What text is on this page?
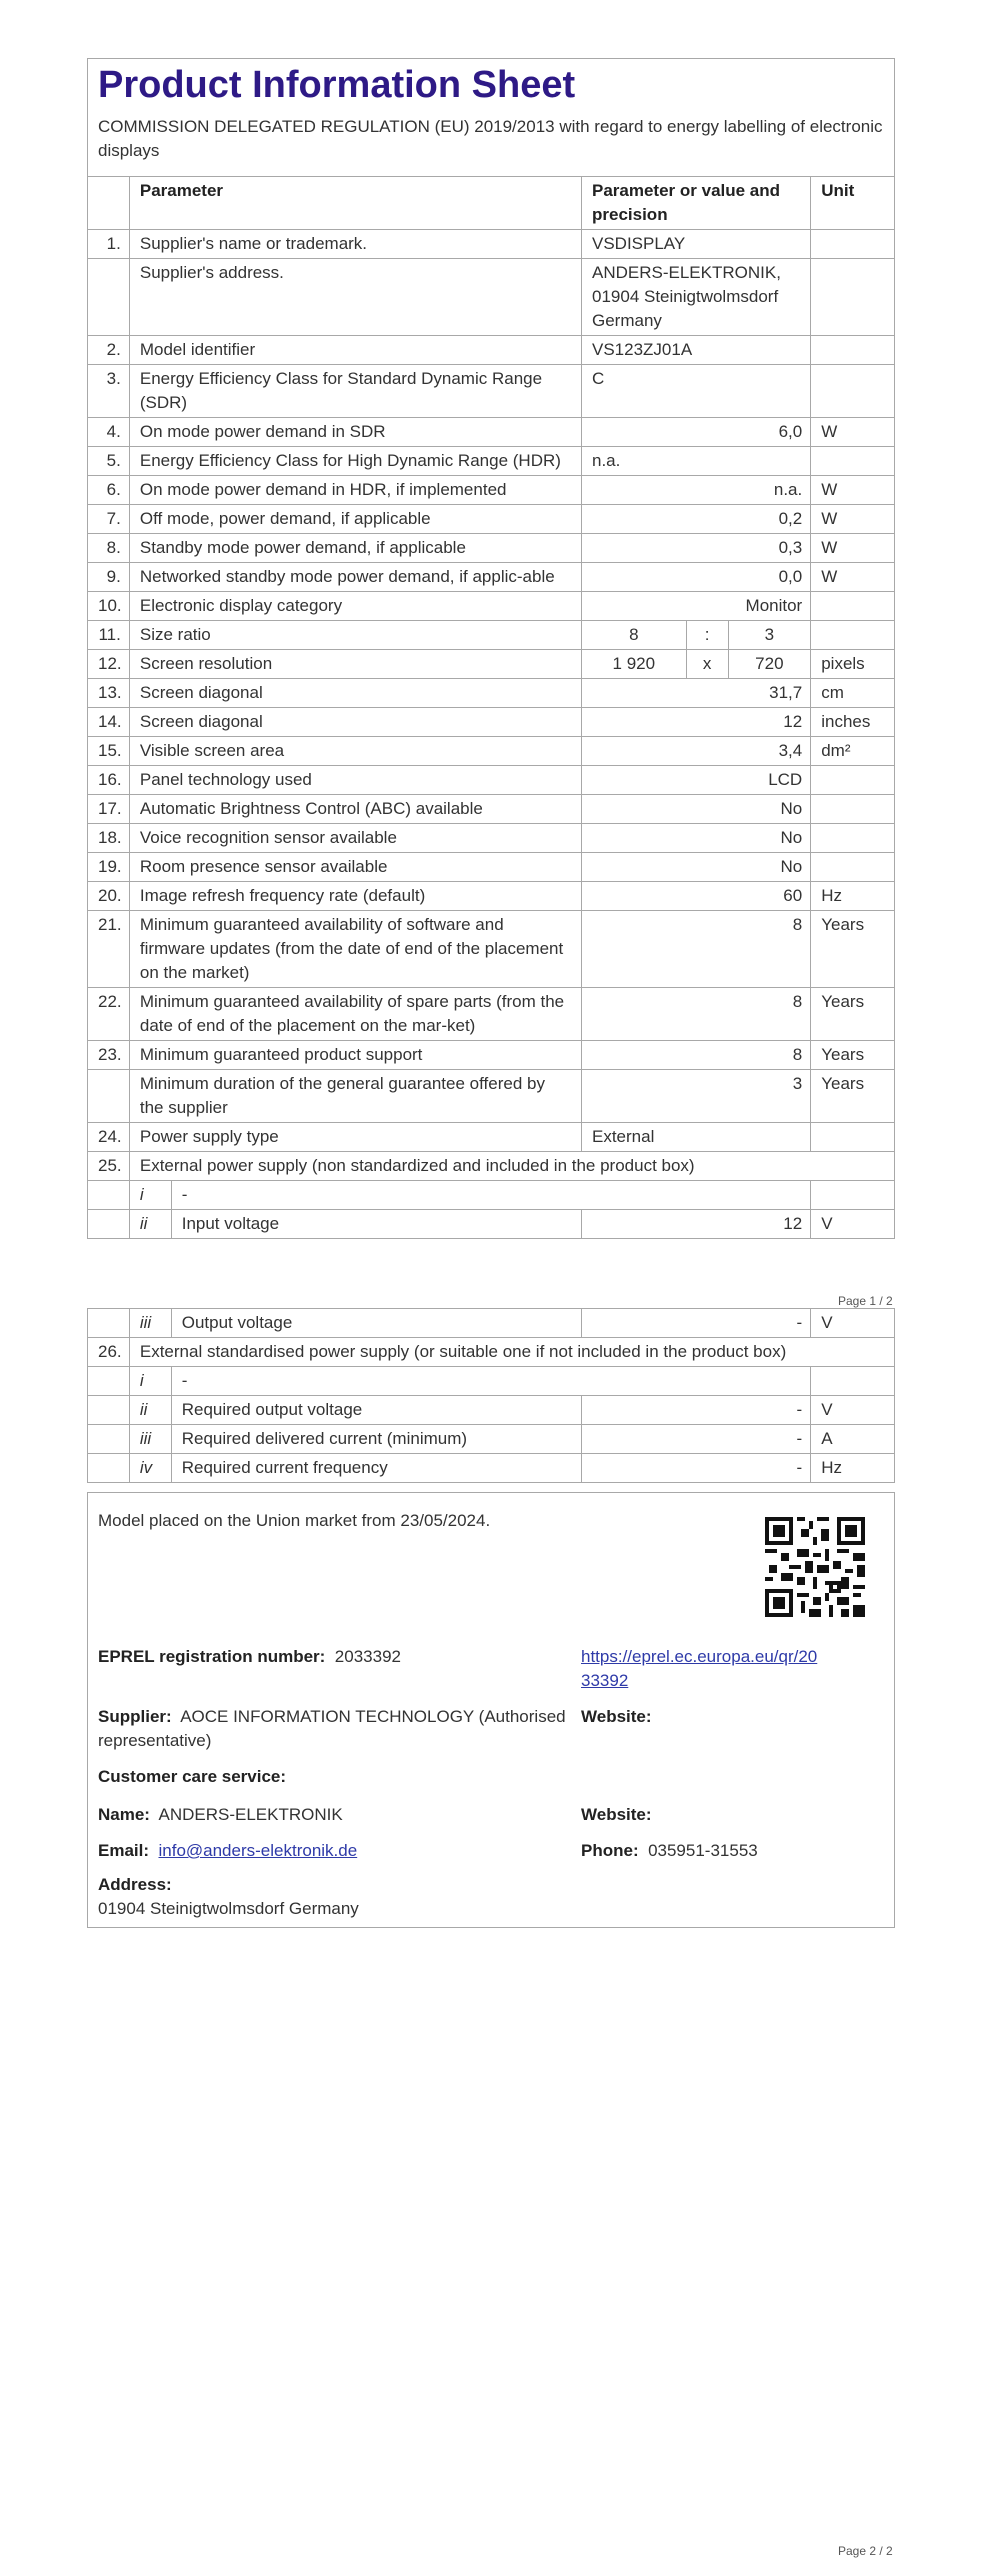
Product Information Sheet
COMMISSION DELEGATED REGULATION (EU) 2019/2013 with regard to energy labelling of electronic displays
	Parameter		Parameter or value and precision			Unit
1.	Supplier's name or trademark.		VSDISPLAY			
	Supplier's address.		ANDERS-ELEKTRONIK, 01904 Steinigtwolmsdorf Germany			
2.	Model identifier		VS123ZJ01A			
3.	Energy Efficiency Class for Standard Dynamic Range (SDR)		C			
4.	On mode power demand in SDR		6,0			W
5.	Energy Efficiency Class for High Dynamic Range (HDR)		n.a.			
6.	On mode power demand in HDR, if implemented		n.a.			W
7.	Off mode, power demand, if applicable		0,2			W
8.	Standby mode power demand, if applicable		0,3			W
9.	Networked standby mode power demand, if applic-able		0,0			W
10.	Electronic display category		Monitor			
11.	Size ratio		8	:	3	
12.	Screen resolution		1 920	x	720	pixels
13.	Screen diagonal		31,7			cm
14.	Screen diagonal		12			inches
15.	Visible screen area		3,4			dm²
16.	Panel technology used		LCD			
17.	Automatic Brightness Control (ABC) available		No			
18.	Voice recognition sensor available		No			
19.	Room presence sensor available		No			
20.	Image refresh frequency rate (default)		60			Hz
21.	Minimum guaranteed availability of software and firmware updates (from the date of end of the placement on the market)		8			Years
22.	Minimum guaranteed availability of spare parts (from the date of end of the placement on the mar-ket)		8			Years
23.	Minimum guaranteed product support		8			Years
	Minimum duration of the general guarantee offered by the supplier		3			Years
24.	Power supply type		External			
25.	External power supply (non standardized and included in the product box)					
	i	-				
	ii	Input voltage	12			V
Page 1 / 2
	iii	Output voltage	-	V
26.	External standardised power supply (or suitable one if not included in the product box)			
	i	-		
	ii	Required output voltage	-	V
	iii	Required delivered current (minimum)	-	A
	iv	Required current frequency	-	Hz
Model placed on the Union market from 23/05/2024.
EPREL registration number: 2033392	https://eprel.ec.europa.eu/qr/20
33392
Supplier: AOCE INFORMATION TECHNOLOGY (Authorised
representative)
Website:
Customer care service:
Name: ANDERS-ELEKTRONIK	Website:
Email: info@anders-elektronik.de	Phone: 035951-31553
Address:
01904 Steinigtwolmsdorf Germany
Page 2 / 2
